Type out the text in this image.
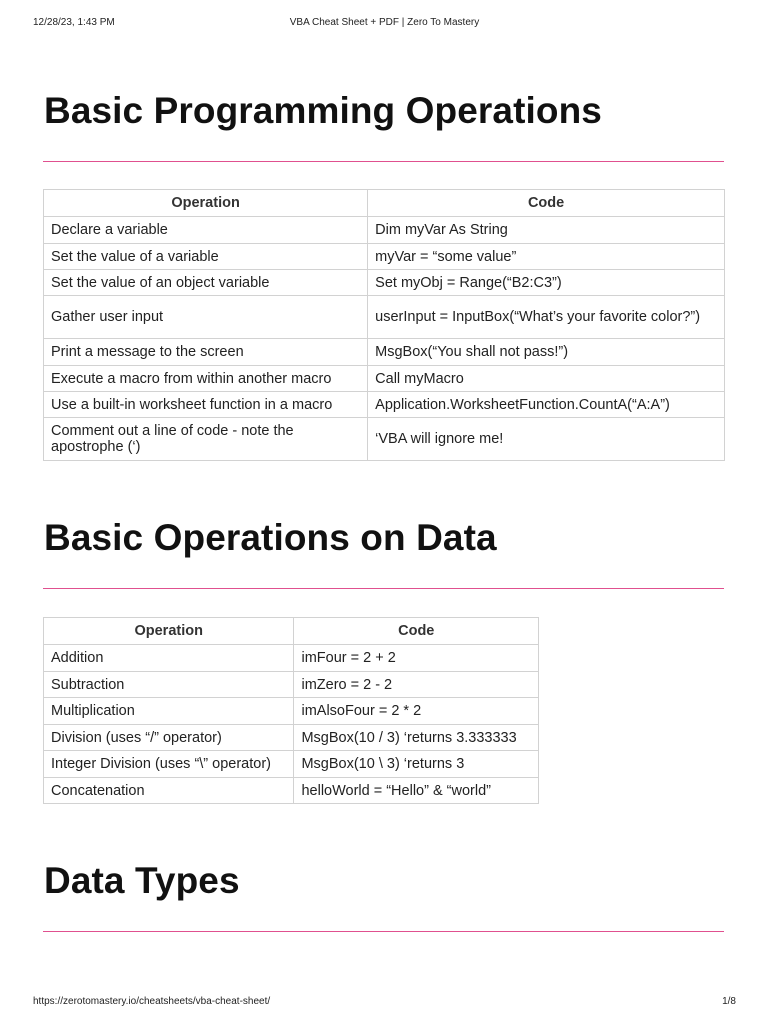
12/28/23, 1:43 PM	VBA Cheat Sheet + PDF | Zero To Mastery
Basic Programming Operations
Operation	Code
Declare a variable	Dim myVar As String
Set the value of a variable	myVar = “some value”
Set the value of an object variable	Set myObj = Range(“B2:C3”)
Gather user input	userInput = InputBox(“What’s your favorite color?”)
Print a message to the screen	MsgBox(“You shall not pass!”)
Execute a macro from within another macro	Call myMacro
Use a built-in worksheet function in a macro	Application.WorksheetFunction.CountA(“A:A”)
Comment out a line of code - note the apostrophe (‘)	‘VBA will ignore me!
Basic Operations on Data
Operation	Code
Addition	imFour = 2 + 2
Subtraction	imZero = 2 - 2
Multiplication	imAlsoFour = 2 * 2
Division (uses “/” operator)	MsgBox(10 / 3) ‘returns 3.333333
Integer Division (uses “\” operator)	MsgBox(10 \ 3) ‘returns 3
Concatenation	helloWorld = “Hello” & “world”
Data Types
https://zerotomastery.io/cheatsheets/vba-cheat-sheet/	1/8
